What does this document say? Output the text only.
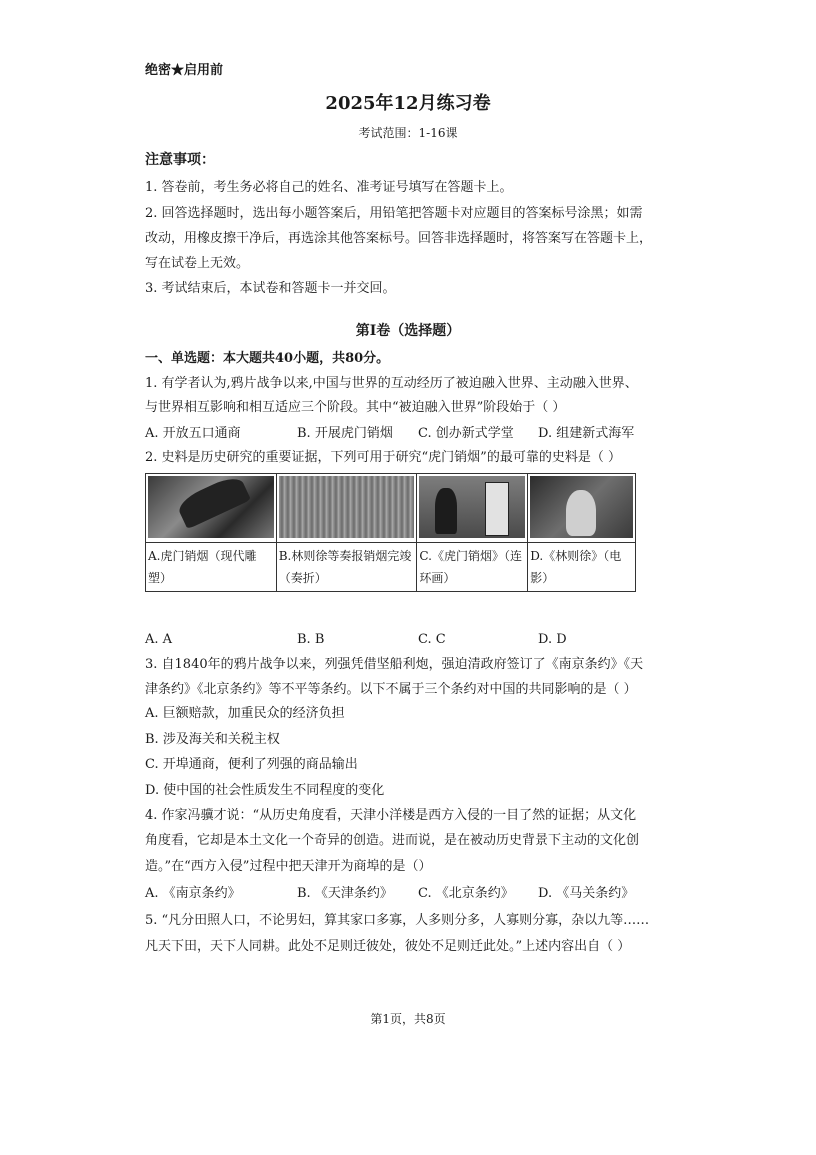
绝密★启用前
2025年12月练习卷
考试范围：1-16课
注意事项：
1. 答卷前，考生务必将自己的姓名、准考证号填写在答题卡上。
2. 回答选择题时，选出每小题答案后，用铅笔把答题卡对应题目的答案标号涂黑；如需
改动，用橡皮擦干净后，再选涂其他答案标号。回答非选择题时，将答案写在答题卡上，
写在试卷上无效。
3. 考试结束后，本试卷和答题卡一并交回。
第Ⅰ卷（选择题）
一、单选题：本大题共40小题，共80分。
1. 有学者认为,鸦片战争以来,中国与世界的互动经历了被迫融入世界、主动融入世界、
与世界相互影响和相互适应三个阶段。其中“被迫融入世界”阶段始于（ ）
A. 开放五口通商	B. 开展虎门销烟 C. 创办新式学堂 D. 组建新式海军
2. 史料是历史研究的重要证据，下列可用于研究“虎门销烟”的最可靠的史料是（ ）

A.虎门销烟（现代雕塑）	B.林则徐等奏报销烟完竣（奏折）	C.《虎门销烟》（连环画）	D.《林则徐》（电影）
A. A	B. B	C. C	D. D
3. 自1840年的鸦片战争以来，列强凭借坚船利炮，强迫清政府签订了《南京条约》《天
津条约》《北京条约》等不平等条约。以下不属于三个条约对中国的共同影响的是（ ）
A. 巨额赔款，加重民众的经济负担
B. 涉及海关和关税主权
C. 开埠通商，便利了列强的商品输出
D. 使中国的社会性质发生不同程度的变化
4. 作家冯骥才说：“从历史角度看，天津小洋楼是西方入侵的一目了然的证据；从文化
角度看，它却是本土文化一个奇异的创造。进而说，是在被动历史背景下主动的文化创
造。”在“西方入侵”过程中把天津开为商埠的是（）
A. 《南京条约》	B. 《天津条约》 C. 《北京条约》 D. 《马关条约》
5. “凡分田照人口，不论男妇，算其家口多寡，人多则分多，人寡则分寡，杂以九等……
凡天下田，天下人同耕。此处不足则迁彼处，彼处不足则迁此处。”上述内容出自（ ）
第1页，共8页
